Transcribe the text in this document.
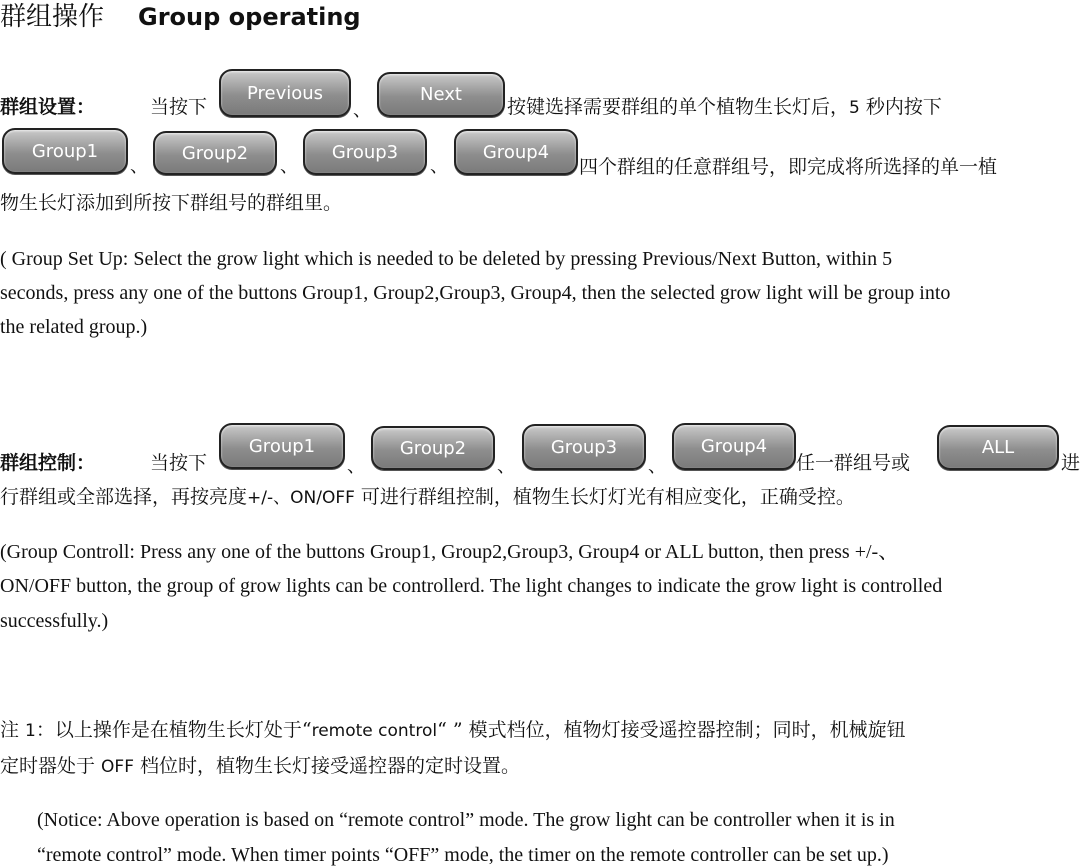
群组操作 Group operating
群组设置：	当按下
Previous
、
Next
按键选择需要群组的单个植物生长灯后，5 秒内按下
Group1
、
Group2
、
Group3
、
Group4
四个群组的任意群组号，即完成将所选择的单一植
物生长灯添加到所按下群组号的群组里。
( Group Set Up: Select the grow light which is needed to be deleted by pressing Previous/Next Button, within 5
seconds, press any one of the buttons Group1, Group2,Group3, Group4, then the selected grow light will be group into
the related group.)
群组控制：	当按下
Group1
、
Group2
、
Group3
、
Group4
任一群组号或
ALL
进
行群组或全部选择，再按亮度+/-、ON/OFF 可进行群组控制，植物生长灯灯光有相应变化，正确受控。
(Group Controll: Press any one of the buttons Group1, Group2,Group3, Group4 or ALL button, then press +/-、
ON/OFF button, the group of grow lights can be controllerd. The light changes to indicate the grow light is controlled
successfully.)
注 1：以上操作是在植物生长灯处于“remote control“ ” 模式档位，植物灯接受遥控器控制；同时，机械旋钮
定时器处于 OFF 档位时，植物生长灯接受遥控器的定时设置。
(Notice: Above operation is based on “remote control” mode. The grow light can be controller when it is in
“remote control” mode. When timer points “OFF” mode, the timer on the remote controller can be set up.)
